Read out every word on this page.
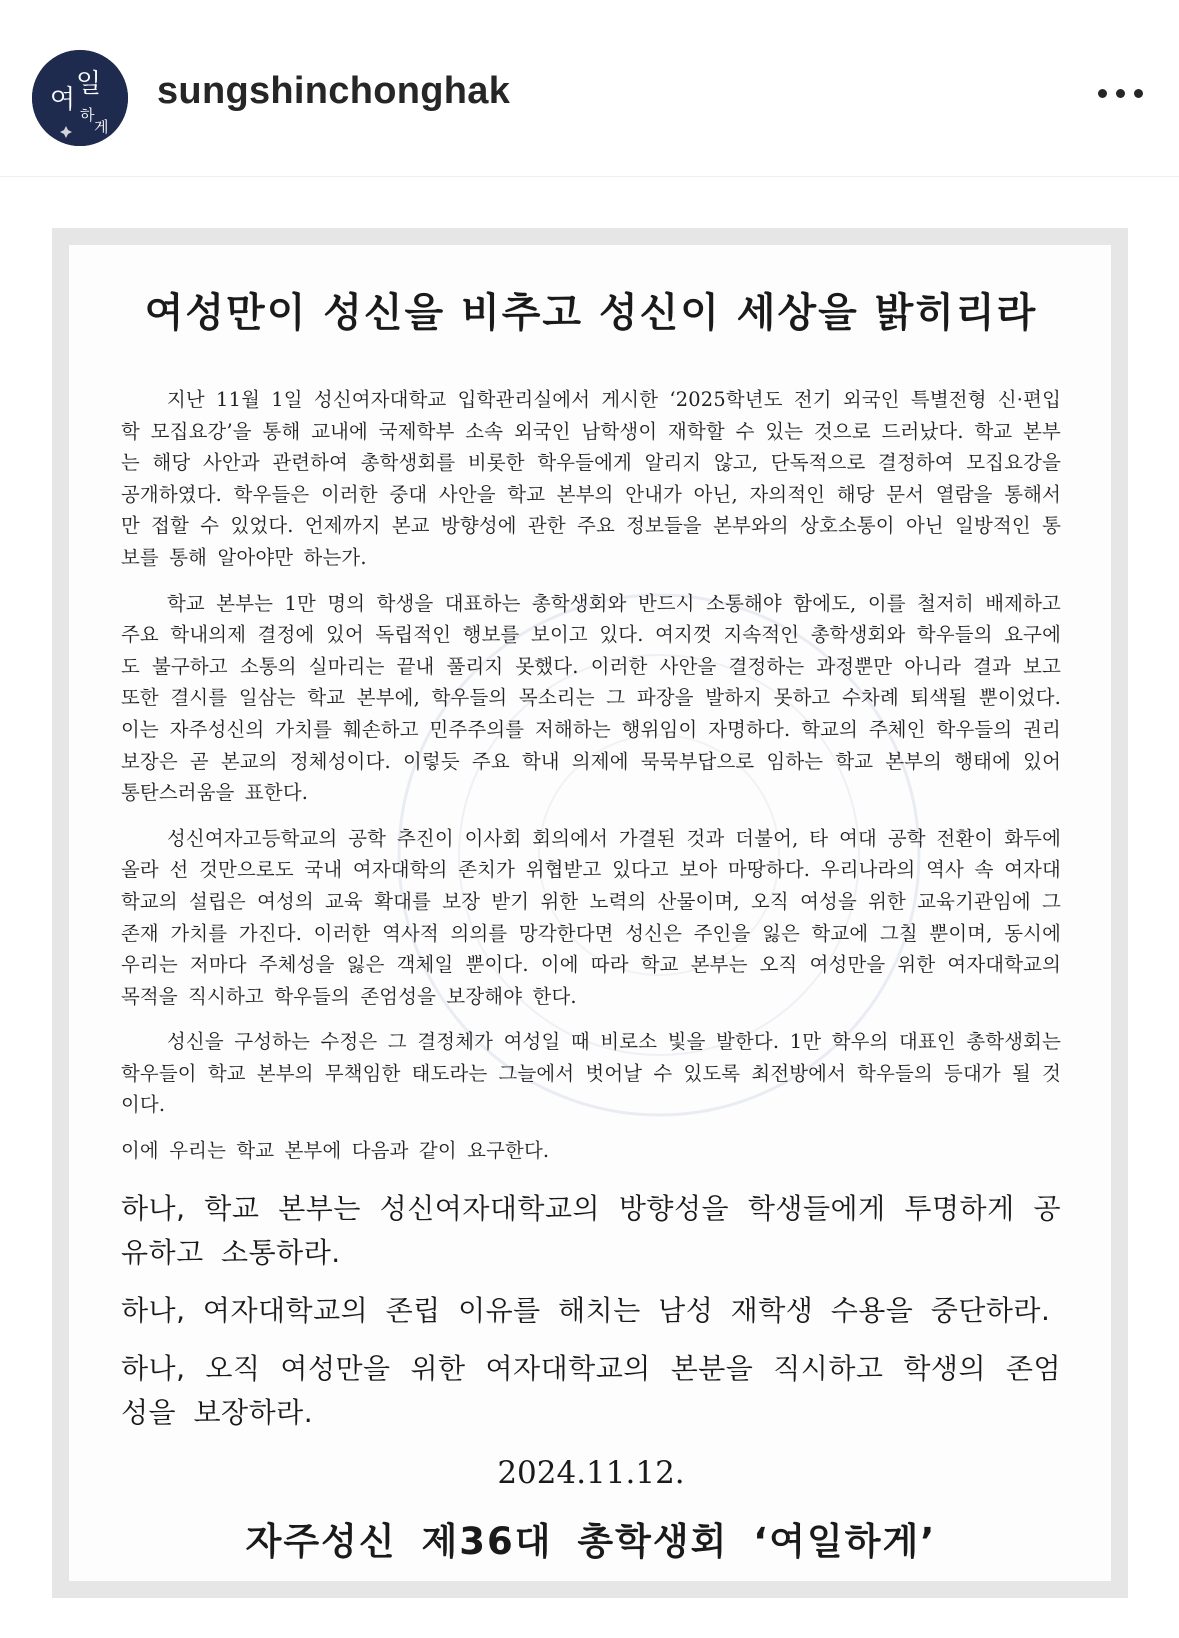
여
일
하
게
sungshinchonghak
여성만이 성신을 비추고 성신이 세상을 밝히리라

지난 11월 1일 성신여자대학교 입학관리실에서 게시한 ‘2025학년도 전기 외국인 특별전형 신·편입학 모집요강’을 통해 교내에 국제학부 소속 외국인 남학생이 재학할 수 있는 것으로 드러났다. 학교 본부는 해당 사안과 관련하여 총학생회를 비롯한 학우들에게 알리지 않고, 단독적으로 결정하여 모집요강을 공개하였다. 학우들은 이러한 중대 사안을 학교 본부의 안내가 아닌, 자의적인 해당 문서 열람을 통해서만 접할 수 있었다. 언제까지 본교 방향성에 관한 주요 정보들을 본부와의 상호소통이 아닌 일방적인 통보를 통해 알아야만 하는가.

학교 본부는 1만 명의 학생을 대표하는 총학생회와 반드시 소통해야 함에도, 이를 철저히 배제하고 주요 학내의제 결정에 있어 독립적인 행보를 보이고 있다. 여지껏 지속적인 총학생회와 학우들의 요구에도 불구하고 소통의 실마리는 끝내 풀리지 못했다. 이러한 사안을 결정하는 과정뿐만 아니라 결과 보고 또한 결시를 일삼는 학교 본부에, 학우들의 목소리는 그 파장을 발하지 못하고 수차례 퇴색될 뿐이었다. 이는 자주성신의 가치를 훼손하고 민주주의를 저해하는 행위임이 자명하다. 학교의 주체인 학우들의 권리 보장은 곧 본교의 정체성이다. 이렇듯 주요 학내 의제에 묵묵부답으로 임하는 학교 본부의 행태에 있어 통탄스러움을 표한다.

성신여자고등학교의 공학 추진이 이사회 회의에서 가결된 것과 더불어, 타 여대 공학 전환이 화두에 올라 선 것만으로도 국내 여자대학의 존치가 위협받고 있다고 보아 마땅하다. 우리나라의 역사 속 여자대학교의 설립은 여성의 교육 확대를 보장 받기 위한 노력의 산물이며, 오직 여성을 위한 교육기관임에 그 존재 가치를 가진다. 이러한 역사적 의의를 망각한다면 성신은 주인을 잃은 학교에 그칠 뿐이며, 동시에 우리는 저마다 주체성을 잃은 객체일 뿐이다. 이에 따라 학교 본부는 오직 여성만을 위한 여자대학교의 목적을 직시하고 학우들의 존엄성을 보장해야 한다.

성신을 구성하는 수정은 그 결정체가 여성일 때 비로소 빛을 발한다. 1만 학우의 대표인 총학생회는 학우들이 학교 본부의 무책임한 태도라는 그늘에서 벗어날 수 있도록 최전방에서 학우들의 등대가 될 것이다.

이에 우리는 학교 본부에 다음과 같이 요구한다.

하나, 학교 본부는 성신여자대학교의 방향성을 학생들에게 투명하게 공유하고 소통하라.

하나, 여자대학교의 존립 이유를 해치는 남성 재학생 수용을 중단하라.

하나, 오직 여성만을 위한 여자대학교의 본분을 직시하고 학생의 존엄성을 보장하라.

2024.11.12.
자주성신 제36대 총학생회 ‘여일하게’
